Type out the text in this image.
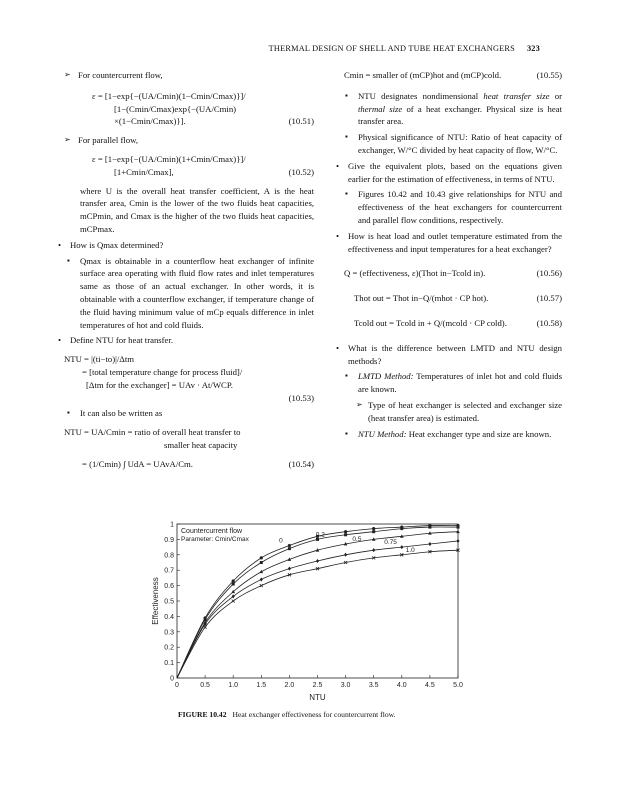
THERMAL DESIGN OF SHELL AND TUBE HEAT EXCHANGERS 323
➢ For countercurrent flow,
ε = [1−exp{−(UA/Cmin)(1−Cmin/Cmax)}]/
[1−(Cmin/Cmax)exp{−(UA/Cmin)
×(1−Cmin/Cmax)}].	(10.51)
➢ For parallel flow,
ε = [1−exp{−(UA/Cmin)(1+Cmin/Cmax)}]/
[1+Cmin/Cmax],	(10.52)
where U is the overall heat transfer coefficient, A is the heat transfer area, Cmin is the lower of the two fluids heat capacities, mCPmin, and Cmax is the higher of the two fluids heat capacities, mCPmax.
• How is Qmax determined?
▪ Qmax is obtainable in a counterflow heat exchanger of infinite surface area operating with fluid flow rates and inlet temperatures same as those of an actual exchanger. In other words, it is obtainable with a counterflow exchanger, if temperature change of the fluid having minimum value of mCp equals difference in inlet temperatures of hot and cold fluids.
• Define NTU for heat transfer.
NTU = |(ti−to)|/Δtm
= [total temperature change for process fluid]/
[Δtm for the exchanger] = UAv · At/WCP.
(10.53)
▪ It can also be written as
NTU = UA/Cmin = ratio of overall heat transfer to
smaller heat capacity
= (1/Cmin) ∫ UdA = UAvA/Cm.	(10.54)
Cmin = smaller of (mCP)hot and (mCP)cold.	(10.55)
▪ NTU designates nondimensional heat transfer size or thermal size of a heat exchanger. Physical size is heat transfer area.
▪ Physical significance of NTU: Ratio of heat capacity of exchanger, W/°C divided by heat capacity of flow, W/°C.
• Give the equivalent plots, based on the equations given earlier for the estimation of effectiveness, in terms of NTU.
▪ Figures 10.42 and 10.43 give relationships for NTU and effectiveness of the heat exchangers for countercurrent and parallel flow conditions, respectively.
• How is heat load and outlet temperature estimated from the effectiveness and input temperatures for a heat exchanger?
Q = (effectiveness, ε)(Thot in−Tcold in).	(10.56)
Thot out = Thot in−Q/(mhot · CP hot).	(10.57)
Tcold out = Tcold in + Q/(mcold · CP cold).	(10.58)
• What is the difference between LMTD and NTU design methods?
▪ LMTD Method: Temperatures of inlet hot and cold fluids are known.
➢ Type of heat exchanger is selected and exchanger size (heat transfer area) is estimated.
▪ NTU Method: Heat exchanger type and size are known.
0	0.5	1.0	1.5	2.0	2.5	3.0	3.5	4.0	4.5	5.0
0
0.1
0.2
0.3
0.4
0.5
0.6
0.7
0.8
0.9
1
NTU
Effectiveness
Countercurrent flow
Parameter: Cmin/Cmax	0
0.2
0.5	0.75
1.0
FIGURE 10.42 Heat exchanger effectiveness for countercurrent flow.
